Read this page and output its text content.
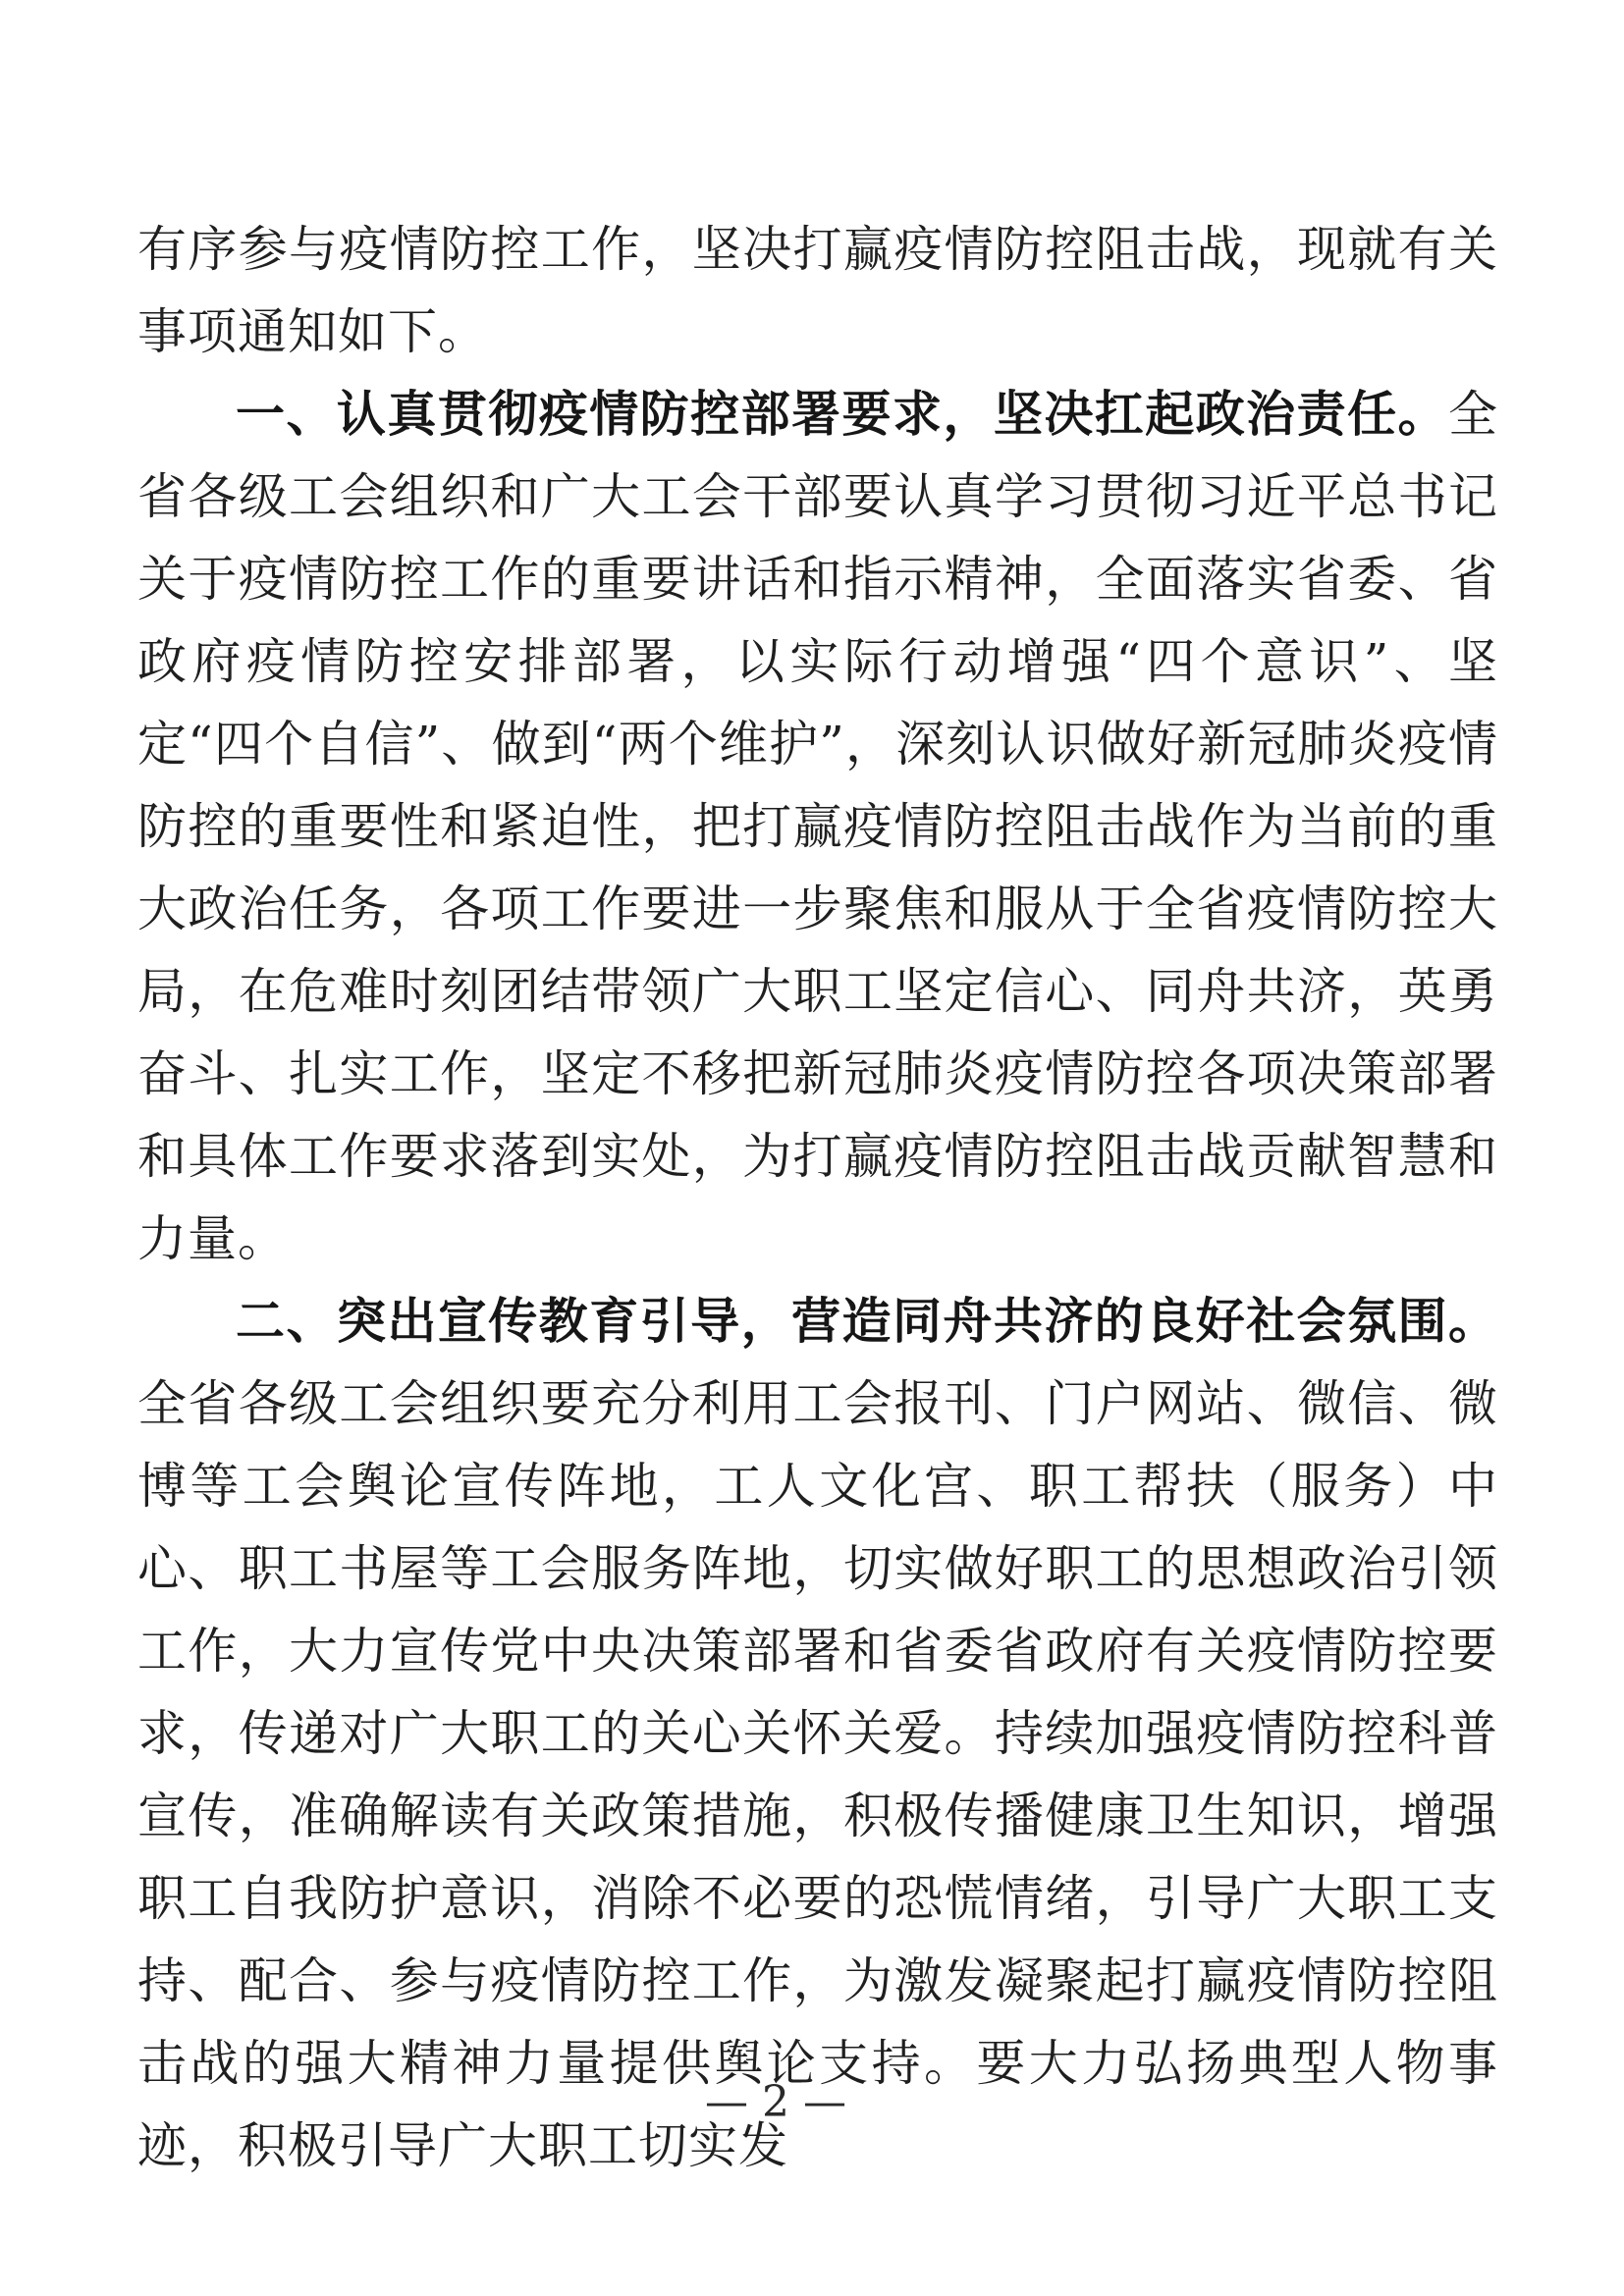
有序参与疫情防控工作，坚决打赢疫情防控阻击战，现就有关事项通知如下。

一、认真贯彻疫情防控部署要求，坚决扛起政治责任。全省各级工会组织和广大工会干部要认真学习贯彻习近平总书记关于疫情防控工作的重要讲话和指示精神，全面落实省委、省政府疫情防控安排部署，以实际行动增强“四个意识”、坚定“四个自信”、做到“两个维护”，深刻认识做好新冠肺炎疫情防控的重要性和紧迫性，把打赢疫情防控阻击战作为当前的重大政治任务，各项工作要进一步聚焦和服从于全省疫情防控大局，在危难时刻团结带领广大职工坚定信心、同舟共济，英勇奋斗、扎实工作，坚定不移把新冠肺炎疫情防控各项决策部署和具体工作要求落到实处，为打赢疫情防控阻击战贡献智慧和力量。

二、突出宣传教育引导，营造同舟共济的良好社会氛围。全省各级工会组织要充分利用工会报刊、门户网站、微信、微博等工会舆论宣传阵地，工人文化宫、职工帮扶（服务）中心、职工书屋等工会服务阵地，切实做好职工的思想政治引领工作，大力宣传党中央决策部署和省委省政府有关疫情防控要求，传递对广大职工的关心关怀关爱。持续加强疫情防控科普宣传，准确解读有关政策措施，积极传播健康卫生知识，增强职工自我防护意识，消除不必要的恐慌情绪，引导广大职工支持、配合、参与疫情防控工作，为激发凝聚起打赢疫情防控阻击战的强大精神力量提供舆论支持。要大力弘扬典型人物事迹，积极引导广大职工切实发

— 2 —
